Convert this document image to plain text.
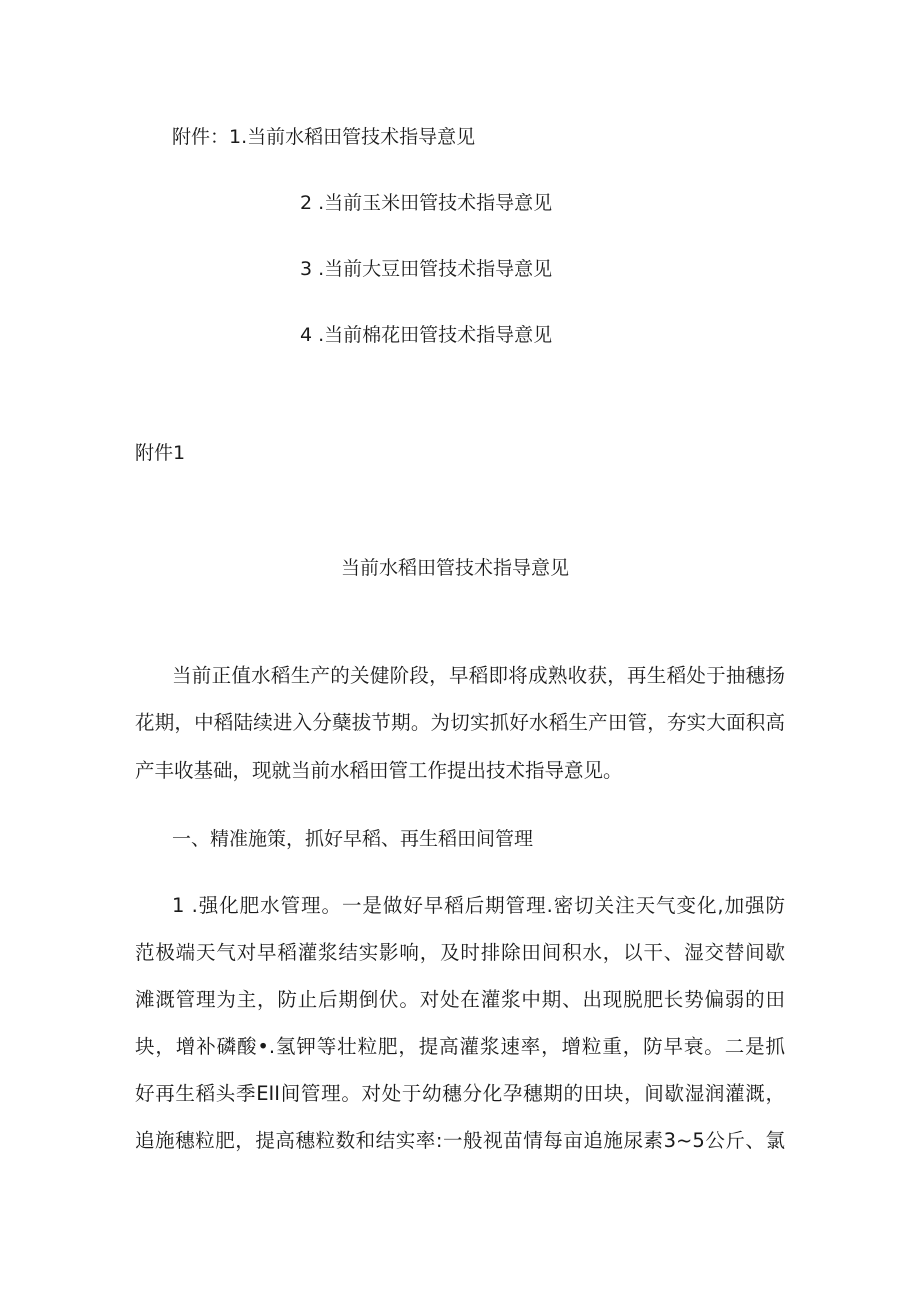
附件：1.当前水稻田管技术指导意见
2 .当前玉米田管技术指导意见
3 .当前大豆田管技术指导意见
4 .当前棉花田管技术指导意见
附件1
当前水稻田管技术指导意见
当前正值水稻生产的关健阶段，早稻即将成熟收获，再生稻处于抽穗扬
花期，中稻陆续进入分蘖拔节期。为切实抓好水稻生产田管，夯实大面积高
产丰收基础，现就当前水稻田管工作提出技术指导意见。
一、精准施策，抓好早稻、再生稻田间管理
1 .强化肥水管理。一是做好早稻后期管理.密切关注天气变化,加强防
范极端天气对早稻灌浆结实影响，及时排除田间积水，以干、湿交替间歇
滩溉管理为主，防止后期倒伏。对处在灌浆中期、出现脱肥长势偏弱的田
块，增补磷酸•.氢钾等壮粒肥，提高灌浆速率，增粒重，防早衰。二是抓
好再生稻头季EII间管理。对处于幼穗分化孕穗期的田块，间歇湿润灌溉，
追施穗粒肥，提高穗粒数和结实率:一般视苗情每亩追施尿素3~5公斤、氯
